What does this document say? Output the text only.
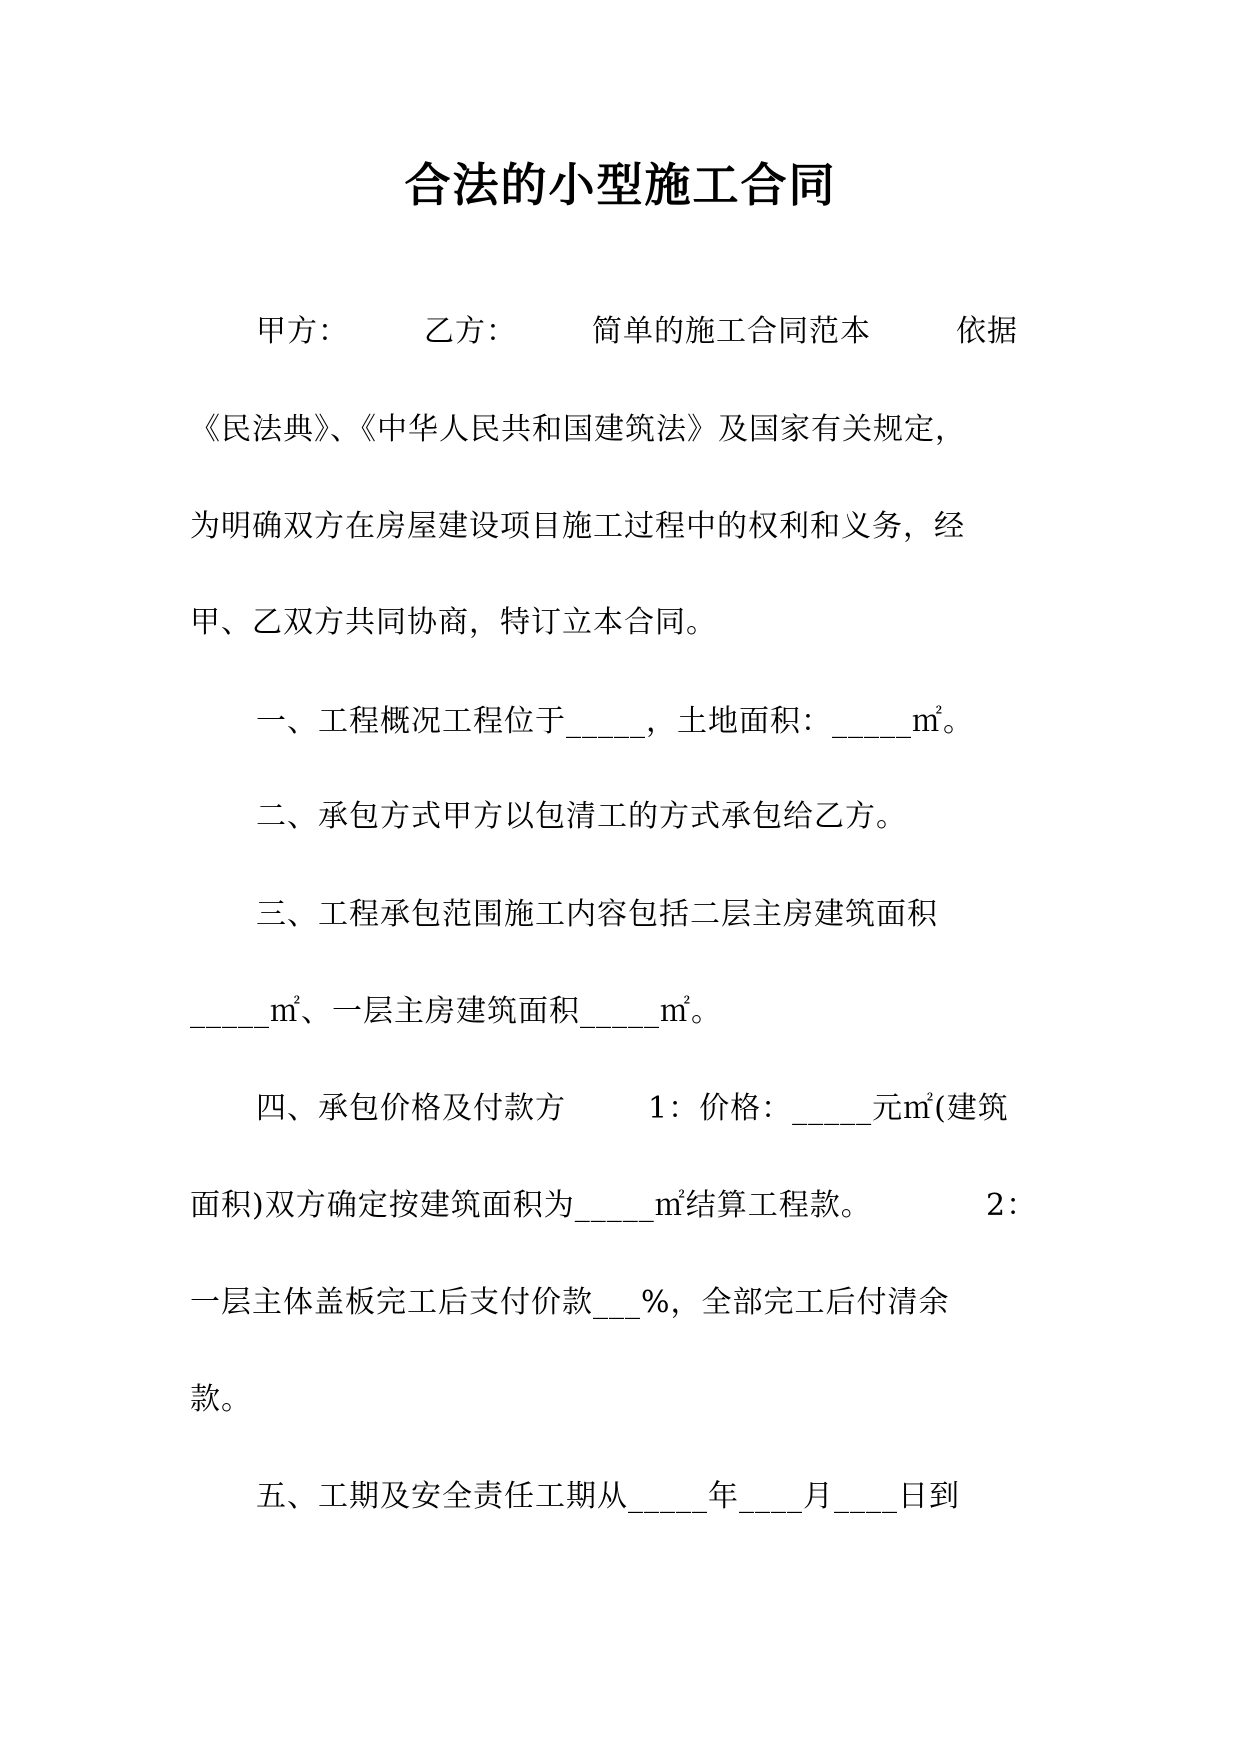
合法的小型施工合同
甲方：	乙方：	简单的施工合同范本	依据
《民法典》、《中华人民共和国建筑法》及国家有关规定，
为明确双方在房屋建设项目施工过程中的权利和义务，经
甲、乙双方共同协商，特订立本合同。
一、工程概况工程位于_____，土地面积：_____㎡。
二、承包方式甲方以包清工的方式承包给乙方。
三、工程承包范围施工内容包括二层主房建筑面积
_____㎡、一层主房建筑面积_____㎡。
四、承包价格及付款方	1：价格：_____元㎡(建筑
面积)双方确定按建筑面积为_____㎡结算工程款。	2：
一层主体盖板完工后支付价款___%，全部完工后付清余
款。
五、工期及安全责任工期从_____年____月____日到
